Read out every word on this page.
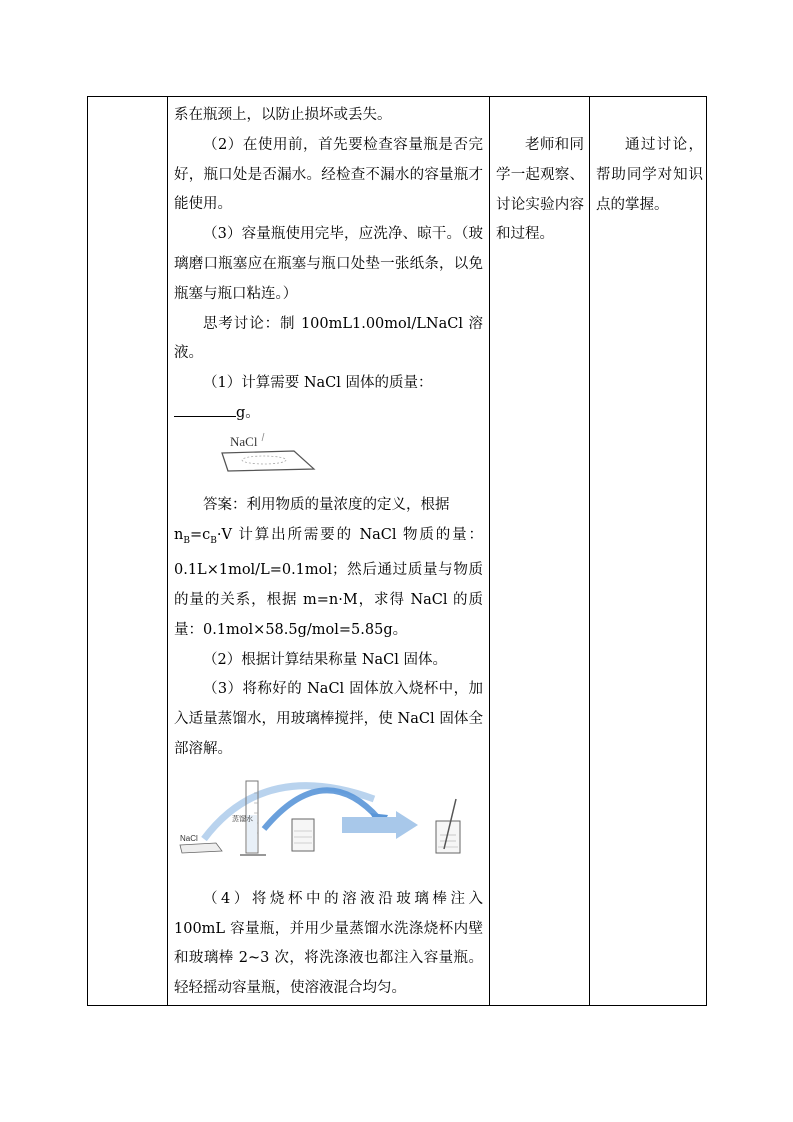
系在瓶颈上，以防止损坏或丢失。

（2）在使用前，首先要检查容量瓶是否完好，瓶口处是否漏水。经检查不漏水的容量瓶才能使用。

（3）容量瓶使用完毕，应洗净、晾干。（玻璃磨口瓶塞应在瓶塞与瓶口处垫一张纸条，以免瓶塞与瓶口粘连。）

思考讨论：制 100mL1.00mol/LNaCl 溶液。

（1）计算需要 NaCl 固体的质量：
g。

NaCl

答案：利用物质的量浓度的定义，根据
$n_B=c_B\cdot V$ 计算出所需要的 NaCl 物质的量：0.1L×1mol/L=0.1mol；然后通过质量与物质的量的关系，根据 m=n·M，求得 NaCl 的质量：0.1mol×58.5g/mol=5.85g。

（2）根据计算结果称量 NaCl 固体。

（3）将称好的 NaCl 固体放入烧杯中，加入适量蒸馏水，用玻璃棒搅拌，使 NaCl 固体全部溶解。

NaCl
蒸馏水

（4）将烧杯中的溶液沿玻璃棒注入 100mL 容量瓶，并用少量蒸馏水洗涤烧杯内壁和玻璃棒 2~3 次，将洗涤液也都注入容量瓶。轻轻摇动容量瓶，使溶液混合均匀。

老师和同学一起观察、讨论实验内容和过程。

通过讨论，帮助同学对知识点的掌握。
